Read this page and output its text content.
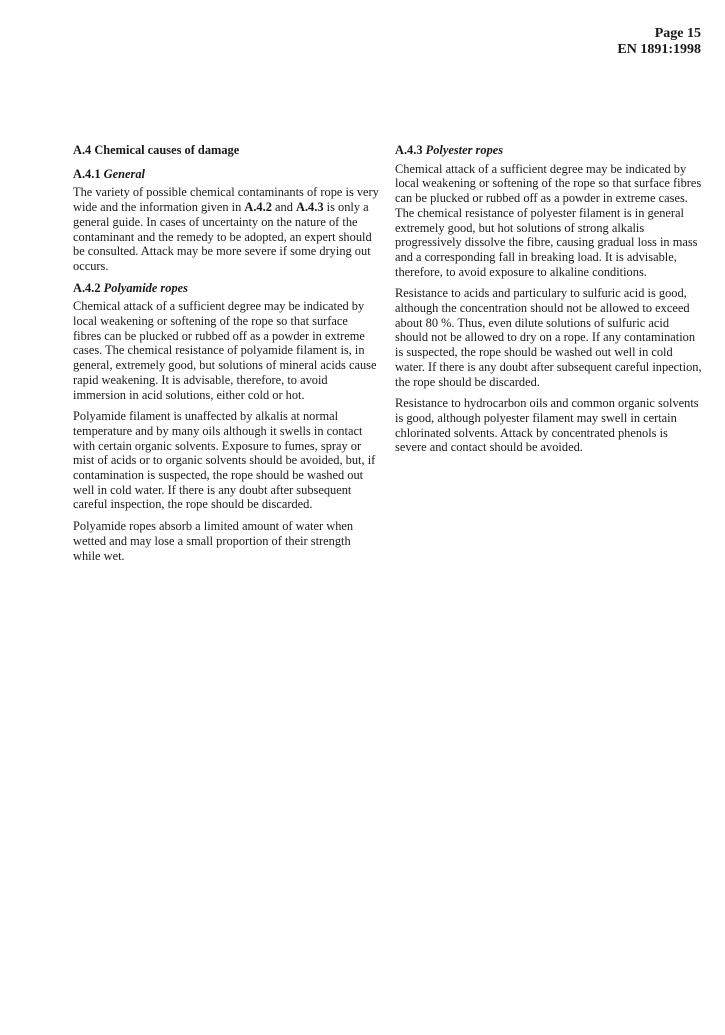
Page 15
EN 1891:1998
A.4 Chemical causes of damage
A.4.1 General

The variety of possible chemical contaminants of rope is very wide and the information given in A.4.2 and A.4.3 is only a general guide. In cases of uncertainty on the nature of the contaminant and the remedy to be adopted, an expert should be consulted. Attack may be more severe if some drying out occurs.

A.4.2 Polyamide ropes

Chemical attack of a sufficient degree may be indicated by local weakening or softening of the rope so that surface fibres can be plucked or rubbed off as a powder in extreme cases. The chemical resistance of polyamide filament is, in general, extremely good, but solutions of mineral acids cause rapid weakening. It is advisable, therefore, to avoid immersion in acid solutions, either cold or hot.

Polyamide filament is unaffected by alkalis at normal temperature and by many oils although it swells in contact with certain organic solvents. Exposure to fumes, spray or mist of acids or to organic solvents should be avoided, but, if contamination is suspected, the rope should be washed out well in cold water. If there is any doubt after subsequent careful inspection, the rope should be discarded.

Polyamide ropes absorb a limited amount of water when wetted and may lose a small proportion of their strength while wet.

A.4.3 Polyester ropes

Chemical attack of a sufficient degree may be indicated by local weakening or softening of the rope so that surface fibres can be plucked or rubbed off as a powder in extreme cases. The chemical resistance of polyester filament is in general extremely good, but hot solutions of strong alkalis progressively dissolve the fibre, causing gradual loss in mass and a corresponding fall in breaking load. It is advisable, therefore, to avoid exposure to alkaline conditions.

Resistance to acids and particulary to sulfuric acid is good, although the concentration should not be allowed to exceed about 80 %. Thus, even dilute solutions of sulfuric acid should not be allowed to dry on a rope. If any contamination is suspected, the rope should be washed out well in cold water. If there is any doubt after subsequent careful inpection, the rope should be discarded.

Resistance to hydrocarbon oils and common organic solvents is good, although polyester filament may swell in certain chlorinated solvents. Attack by concentrated phenols is severe and contact should be avoided.
